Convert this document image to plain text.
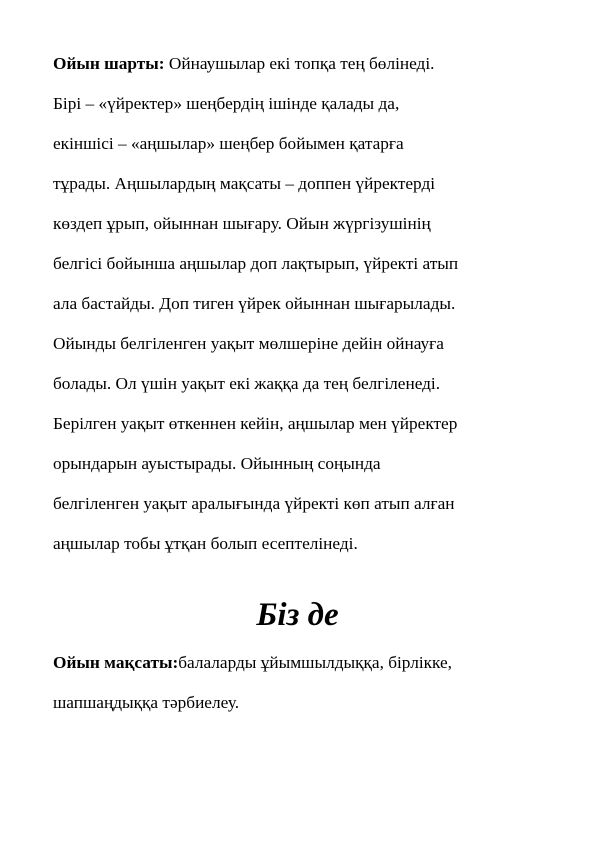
Ойын шарты: Ойнаушылар екі топқа тең бөлінеді.
Бірі – «үйректер» шеңбердің ішінде қалады да,
екіншісі – «аңшылар» шеңбер бойымен қатарға
тұрады. Аңшылардың мақсаты – доппен үйректерді
көздеп ұрып, ойыннан шығару. Ойын жүргізушінің
белгісі бойынша аңшылар доп лақтырып, үйректі атып
ала бастайды. Доп тиген үйрек ойыннан шығарылады.
Ойынды белгіленген уақыт мөлшеріне дейін ойнауға
болады. Ол үшін уақыт екі жаққа да тең белгіленеді.
Берілген уақыт өткеннен кейін, аңшылар мен үйректер
орындарын ауыстырады. Ойынның соңында
белгіленген уақыт аралығында үйректі көп атып алған
аңшылар тобы ұтқан болып есептелінеді.
Біз де
Ойын мақсаты:балаларды ұйымшылдыққа, бірлікке,
шапшаңдыққа тәрбиелеу.
